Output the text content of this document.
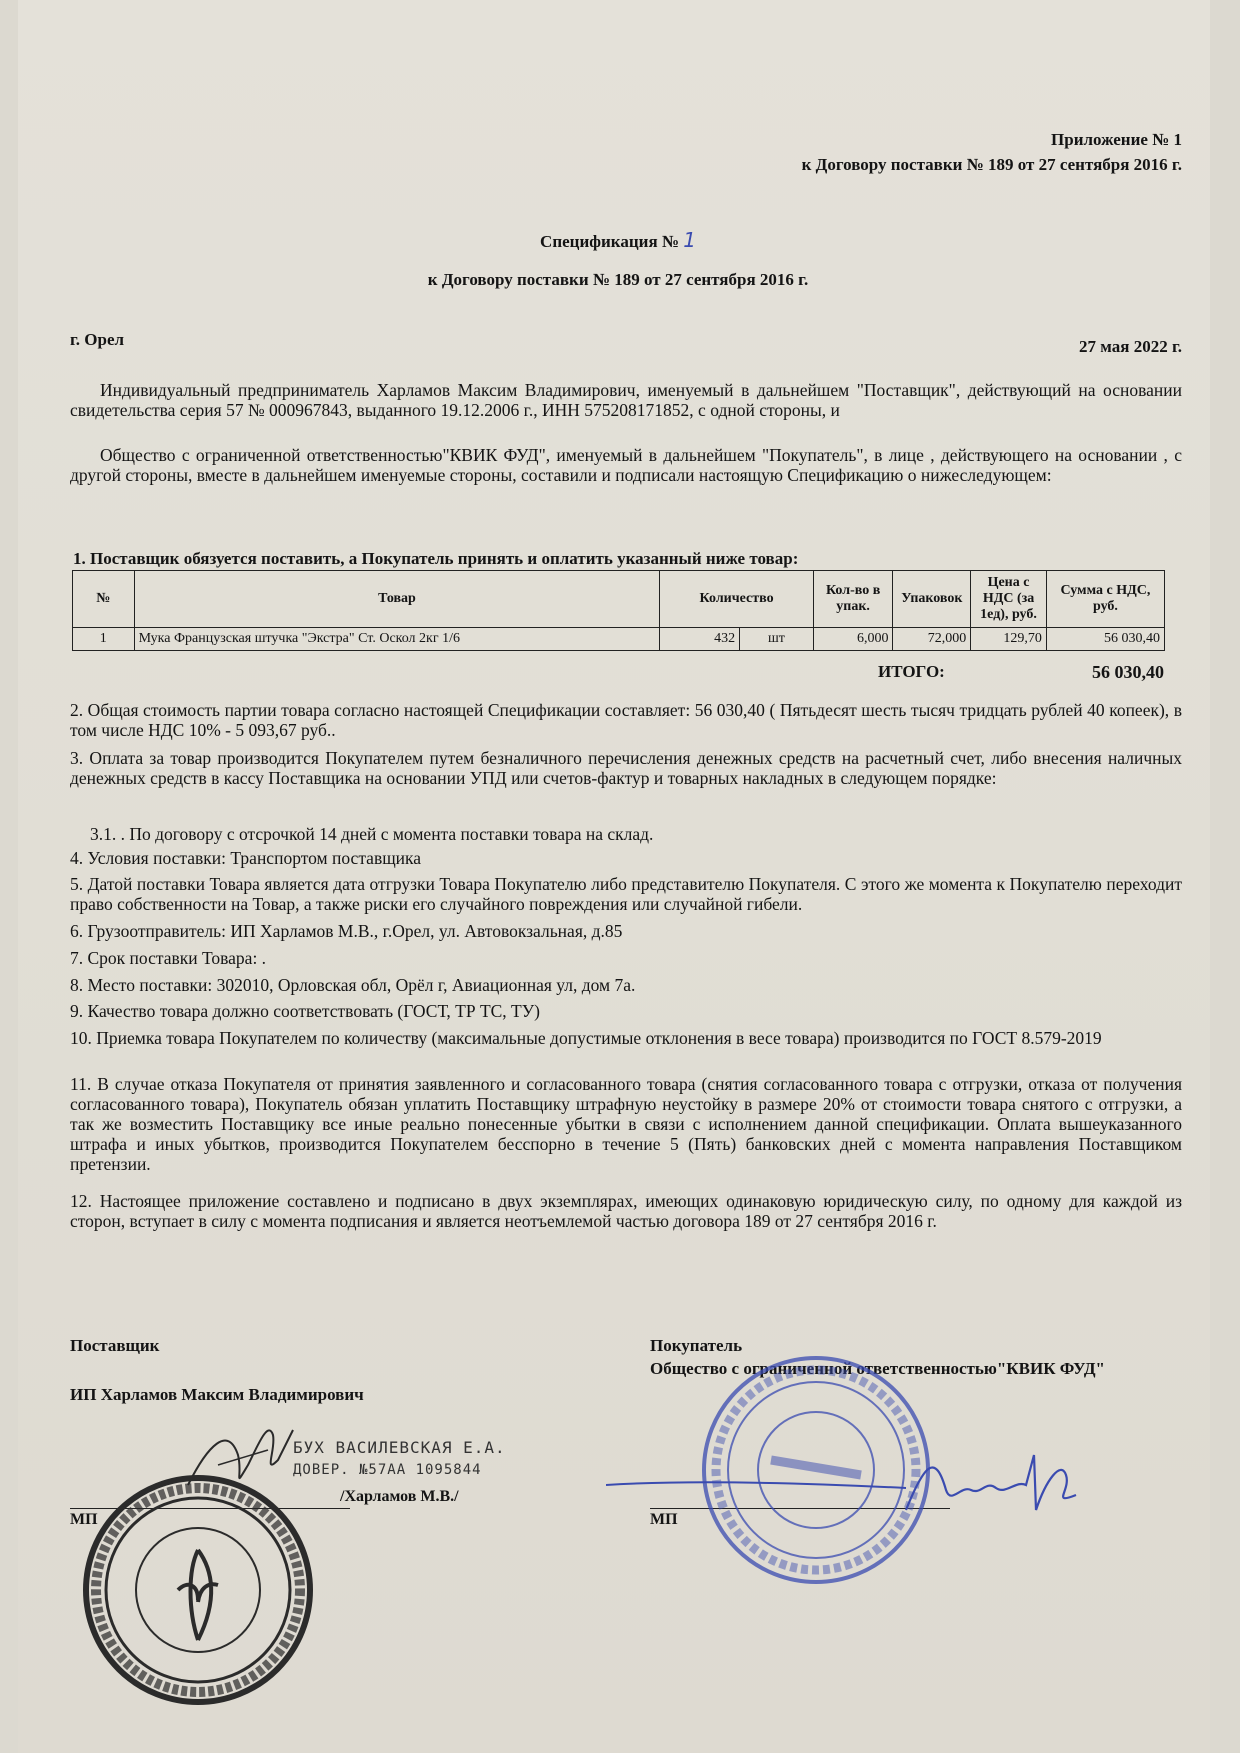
Приложение № 1
к Договору поставки № 189 от 27 сентября 2016 г.
Спецификация № 1
к Договору поставки № 189 от 27 сентября 2016 г.
г. Орел	27 мая 2022 г.
Индивидуальный предприниматель Харламов Максим Владимирович, именуемый в дальнейшем "Поставщик", действующий на основании свидетельства серия 57 № 000967843, выданного 19.12.2006 г., ИНН 575208171852, с одной стороны, и
Общество с ограниченной ответственностью"КВИК ФУД", именуемый в дальнейшем "Покупатель", в лице , действующего на основании , с другой стороны, вместе в дальнейшем именуемые стороны, составили и подписали настоящую Спецификацию о нижеследующем:
1. Поставщик обязуется поставить, а Покупатель принять и оплатить указанный ниже товар:
№	Товар	Количество		Кол-во в упак.	Упаковок	Цена с НДС (за 1ед), руб.	Сумма с НДС, руб.
1	Мука Французская штучка "Экстра" Ст. Оскол 2кг 1/6	432	шт	6,000	72,000	129,70	56 030,40
ИТОГО:	56 030,40
2. Общая стоимость партии товара согласно настоящей Спецификации составляет: 56 030,40 ( Пятьдесят шесть тысяч тридцать рублей 40 копеек), в том числе НДС 10% - 5 093,67 руб..
3. Оплата за товар производится Покупателем путем безналичного перечисления денежных средств на расчетный счет, либо внесения наличных денежных средств в кассу Поставщика на основании УПД или счетов-фактур и товарных накладных в следующем порядке:
3.1. . По договору с отсрочкой 14 дней с момента поставки товара на склад.
4. Условия поставки: Транспортом поставщика
5. Датой поставки Товара является дата отгрузки Товара Покупателю либо представителю Покупателя. С этого же момента к Покупателю переходит право собственности на Товар, а также риски его случайного повреждения или случайной гибели.
6. Грузоотправитель: ИП Харламов М.В., г.Орел, ул. Автовокзальная, д.85
7. Срок поставки Товара: .
8. Место поставки: 302010, Орловская обл, Орёл г, Авиационная ул, дом 7а.
9. Качество товара должно соответствовать (ГОСТ, ТР ТС, ТУ)
10. Приемка товара Покупателем по количеству (максимальные допустимые отклонения в весе товара) производится по ГОСТ 8.579-2019
11. В случае отказа Покупателя от принятия заявленного и согласованного товара (снятия согласованного товара с отгрузки, отказа от получения согласованного товара), Покупатель обязан уплатить Поставщику штрафную неустойку в размере 20% от стоимости товара снятого с отгрузки, а так же возместить Поставщику все иные реально понесенные убытки в связи с исполнением данной спецификации. Оплата вышеуказанного штрафа и иных убытков, производится Покупателем бесспорно в течение 5 (Пять) банковских дней с момента направления Поставщиком претензии.
12. Настоящее приложение составлено и подписано в двух экземплярах, имеющих одинаковую юридическую силу, по одному для каждой из сторон, вступает в силу с момента подписания и является неотъемлемой частью договора 189 от 27 сентября 2016 г.
Поставщик
ИП Харламов Максим Владимирович
БУХ ВАСИЛЕВСКАЯ Е.А.
ДОВЕР. №57АА 1095844
/Харламов М.В./
МП
Покупатель
Общество с ограниченной ответственностью"КВИК ФУД"
МП
